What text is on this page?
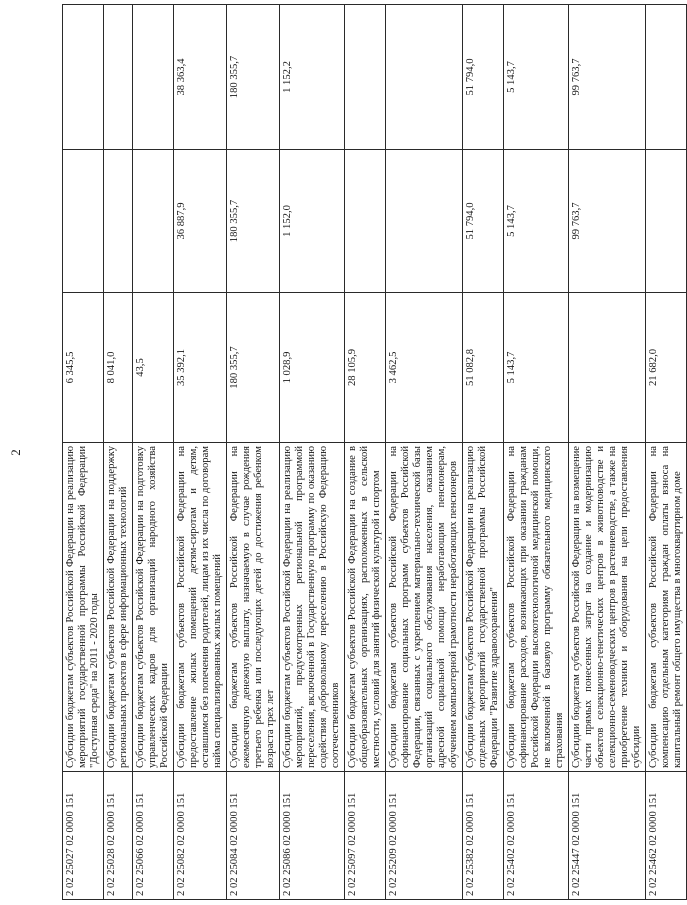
2
2 02 25027 02 0000 151	Субсидии бюджетам субъектов Российской Федерации на реализацию мероприятий государственной программы Российской Федерации "Доступная среда" на 2011 - 2020 годы	6 345,5		
2 02 25028 02 0000 151	Субсидии бюджетам субъектов Российской Федерации на поддержку региональных проектов в сфере информационных технологий	8 041,0		
2 02 25066 02 0000 151	Субсидии бюджетам субъектов Российской Федерации на подготовку управленческих кадров для организаций народного хозяйства Российской Федерации	43,5		
2 02 25082 02 0000 151	Субсидии бюджетам субъектов Российской Федерации на предоставление жилых помещений детям-сиротам и детям, оставшимся без попечения родителей, лицам из их числа по договорам найма специализированных жилых помещений	35 392,1	36 887,9	38 363,4
2 02 25084 02 0000 151	Субсидии бюджетам субъектов Российской Федерации на ежемесячную денежную выплату, назначаемую в случае рождения третьего ребенка или последующих детей до достижения ребенком возраста трех лет	180 355,7	180 355,7	180 355,7
2 02 25086 02 0000 151	Субсидии бюджетам субъектов Российской Федерации на реализацию мероприятий, предусмотренных региональной программой переселения, включенной в Государственную программу по оказанию содействия добровольному переселению в Российскую Федерацию соотечественников	1 028,9	1 152,0	1 152,2
2 02 25097 02 0000 151	Субсидии бюджетам субъектов Российской Федерации на создание в общеобразовательных организациях, расположенных в сельской местности, условий для занятий физической культурой и спортом	28 105,9		
2 02 25209 02 0000 151	Субсидии бюджетам субъектов Российской Федерации на софинансирование социальных программ субъектов Российской Федерации, связанных с укреплением материально-технической базы организаций социального обслуживания населения, оказанием адресной социальной помощи неработающим пенсионерам, обучением компьютерной грамотности неработающих пенсионеров	3 462,5		
2 02 25382 02 0000 151	Субсидии бюджетам субъектов Российской Федерации на реализацию отдельных мероприятий государственной программы Российской Федерации "Развитие здравоохранения"	51 082,8	51 794,0	51 794,0
2 02 25402 02 0000 151	Субсидии бюджетам субъектов Российской Федерации на софинансирование расходов, возникающих при оказании гражданам Российской Федерации высокотехнологичной медицинской помощи, не включенной в базовую программу обязательного медицинского страхования	5 143,7	5 143,7	5 143,7
2 02 25447 02 0000 151	Субсидии бюджетам субъектов Российской Федерации на возмещение части прямых понесенных затрат на создание и модернизацию объектов селекционно-генетических центров в животноводстве и селекционно-семеноводческих центров в растениеводстве, а также на приобретение техники и оборудования на цели предоставления субсидии		99 763,7	99 763,7
2 02 25462 02 0000 151	Субсидии бюджетам субъектов Российской Федерации на компенсацию отдельным категориям граждан оплаты взноса на капитальный ремонт общего имущества в многоквартирном доме	21 682,0		
